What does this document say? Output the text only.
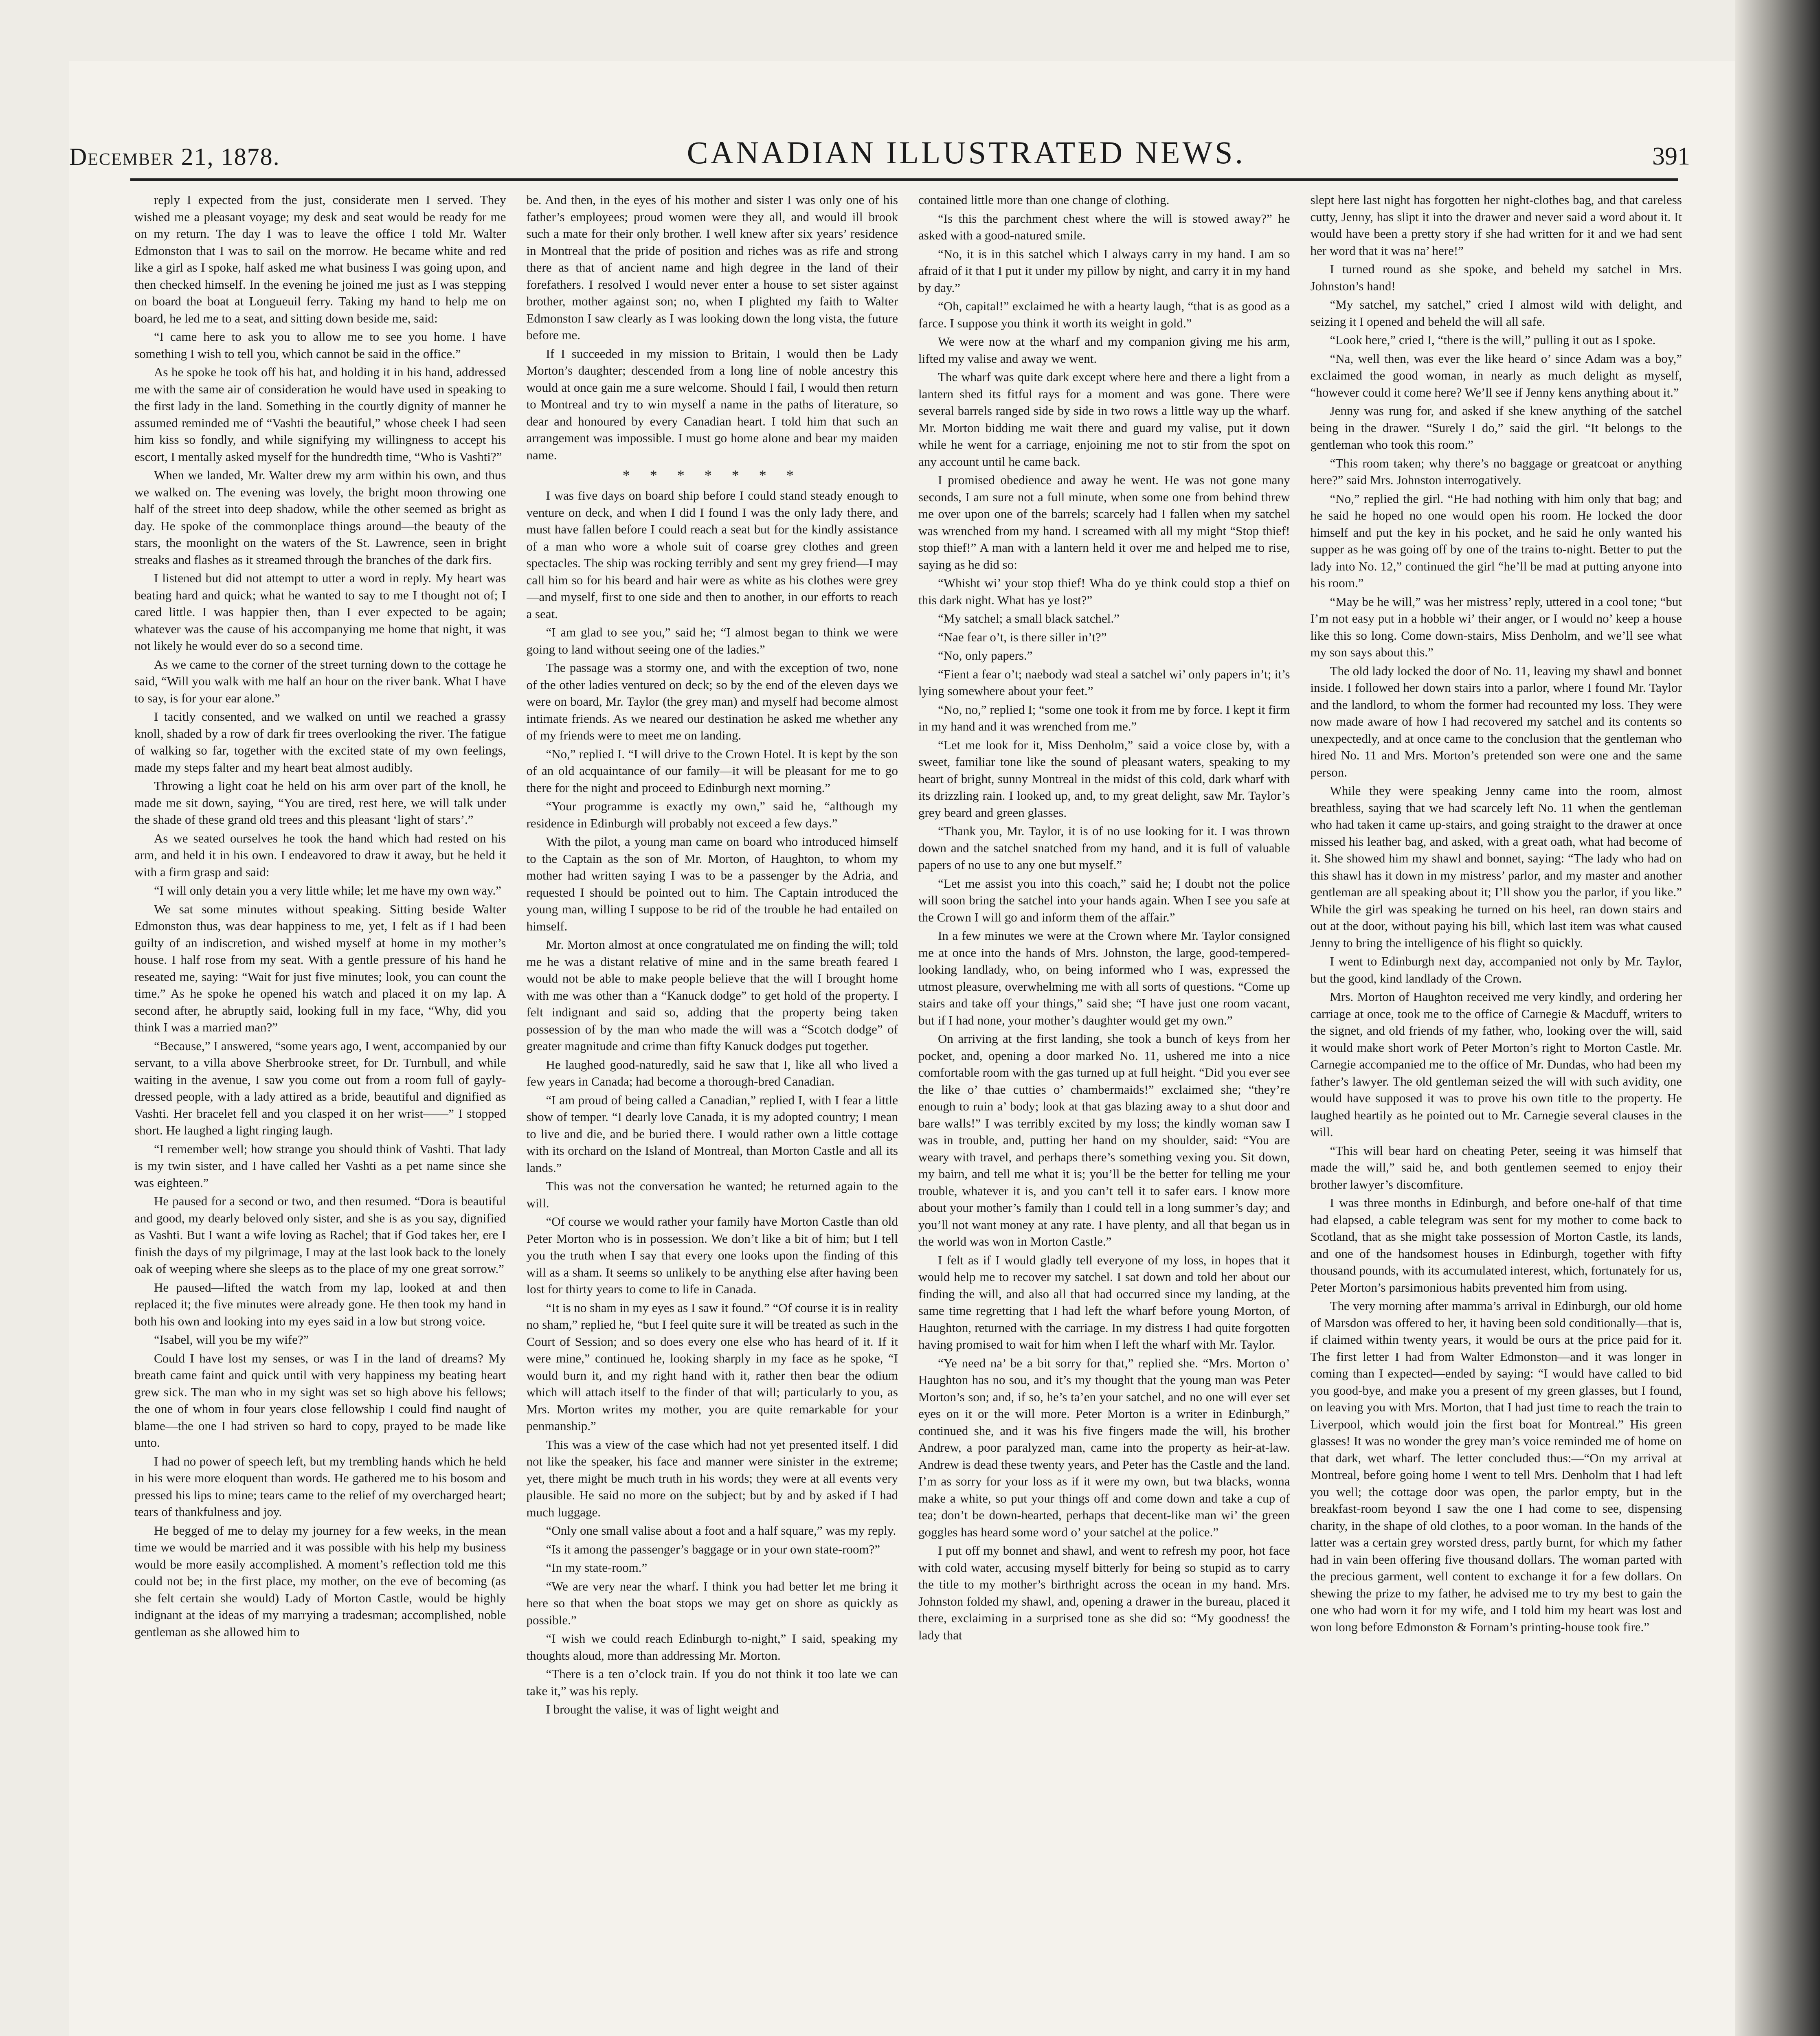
December 21, 1878.	CANADIAN ILLUSTRATED NEWS.	391

reply I expected from the just, considerate men I served. They wished me a pleasant voyage; my desk and seat would be ready for me on my return. The day I was to leave the office I told Mr. Walter Edmonston that I was to sail on the morrow. He became white and red like a girl as I spoke, half asked me what business I was going upon, and then checked himself. In the evening he joined me just as I was stepping on board the boat at Longueuil ferry. Taking my hand to help me on board, he led me to a seat, and sitting down beside me, said:

“I came here to ask you to allow me to see you home. I have something I wish to tell you, which cannot be said in the office.”

As he spoke he took off his hat, and holding it in his hand, addressed me with the same air of consideration he would have used in speaking to the first lady in the land. Something in the courtly dignity of manner he assumed reminded me of “Vashti the beautiful,” whose cheek I had seen him kiss so fondly, and while signifying my willingness to accept his escort, I mentally asked myself for the hundredth time, “Who is Vashti?”

When we landed, Mr. Walter drew my arm within his own, and thus we walked on. The evening was lovely, the bright moon throwing one half of the street into deep shadow, while the other seemed as bright as day. He spoke of the commonplace things around—the beauty of the stars, the moonlight on the waters of the St. Lawrence, seen in bright streaks and flashes as it streamed through the branches of the dark firs.

I listened but did not attempt to utter a word in reply. My heart was beating hard and quick; what he wanted to say to me I thought not of; I cared little. I was happier then, than I ever expected to be again; whatever was the cause of his accompanying me home that night, it was not likely he would ever do so a second time.

As we came to the corner of the street turning down to the cottage he said, “Will you walk with me half an hour on the river bank. What I have to say, is for your ear alone.”

I tacitly consented, and we walked on until we reached a grassy knoll, shaded by a row of dark fir trees overlooking the river. The fatigue of walking so far, together with the excited state of my own feelings, made my steps falter and my heart beat almost audibly.

Throwing a light coat he held on his arm over part of the knoll, he made me sit down, saying, “You are tired, rest here, we will talk under the shade of these grand old trees and this pleasant ‘light of stars’.”

As we seated ourselves he took the hand which had rested on his arm, and held it in his own. I endeavored to draw it away, but he held it with a firm grasp and said:

“I will only detain you a very little while; let me have my own way.”

We sat some minutes without speaking. Sitting beside Walter Edmonston thus, was dear happiness to me, yet, I felt as if I had been guilty of an indiscretion, and wished myself at home in my mother’s house. I half rose from my seat. With a gentle pressure of his hand he reseated me, saying: “Wait for just five minutes; look, you can count the time.” As he spoke he opened his watch and placed it on my lap. A second after, he abruptly said, looking full in my face, “Why, did you think I was a married man?”

“Because,” I answered, “some years ago, I went, accompanied by our servant, to a villa above Sherbrooke street, for Dr. Turnbull, and while waiting in the avenue, I saw you come out from a room full of gayly-dressed people, with a lady attired as a bride, beautiful and dignified as Vashti. Her bracelet fell and you clasped it on her wrist——” I stopped short. He laughed a light ringing laugh.

“I remember well; how strange you should think of Vashti. That lady is my twin sister, and I have called her Vashti as a pet name since she was eighteen.”

He paused for a second or two, and then resumed. “Dora is beautiful and good, my dearly beloved only sister, and she is as you say, dignified as Vashti. But I want a wife loving as Rachel; that if God takes her, ere I finish the days of my pilgrimage, I may at the last look back to the lonely oak of weeping where she sleeps as to the place of my one great sorrow.”

He paused—lifted the watch from my lap, looked at and then replaced it; the five minutes were already gone. He then took my hand in both his own and looking into my eyes said in a low but strong voice.

“Isabel, will you be my wife?”

Could I have lost my senses, or was I in the land of dreams? My breath came faint and quick until with very happiness my beating heart grew sick. The man who in my sight was set so high above his fellows; the one of whom in four years close fellowship I could find naught of blame—the one I had striven so hard to copy, prayed to be made like unto.

I had no power of speech left, but my trembling hands which he held in his were more eloquent than words. He gathered me to his bosom and pressed his lips to mine; tears came to the relief of my overcharged heart; tears of thankfulness and joy.

He begged of me to delay my journey for a few weeks, in the mean time we would be married and it was possible with his help my business would be more easily accomplished. A moment’s reflection told me this could not be; in the first place, my mother, on the eve of becoming (as she felt certain she would) Lady of Morton Castle, would be highly indignant at the ideas of my marrying a tradesman; accomplished, noble gentleman as she allowed him to

be. And then, in the eyes of his mother and sister I was only one of his father’s employees; proud women were they all, and would ill brook such a mate for their only brother. I well knew after six years’ residence in Montreal that the pride of position and riches was as rife and strong there as that of ancient name and high degree in the land of their forefathers. I resolved I would never enter a house to set sister against brother, mother against son; no, when I plighted my faith to Walter Edmonston I saw clearly as I was looking down the long vista, the future before me.

If I succeeded in my mission to Britain, I would then be Lady Morton’s daughter; descended from a long line of noble ancestry this would at once gain me a sure welcome. Should I fail, I would then return to Montreal and try to win myself a name in the paths of literature, so dear and honoured by every Canadian heart. I told him that such an arrangement was impossible. I must go home alone and bear my maiden name.

* * * * * * *

I was five days on board ship before I could stand steady enough to venture on deck, and when I did I found I was the only lady there, and must have fallen before I could reach a seat but for the kindly assistance of a man who wore a whole suit of coarse grey clothes and green spectacles. The ship was rocking terribly and sent my grey friend—I may call him so for his beard and hair were as white as his clothes were grey—and myself, first to one side and then to another, in our efforts to reach a seat.

“I am glad to see you,” said he; “I almost began to think we were going to land without seeing one of the ladies.”

The passage was a stormy one, and with the exception of two, none of the other ladies ventured on deck; so by the end of the eleven days we were on board, Mr. Taylor (the grey man) and myself had become almost intimate friends. As we neared our destination he asked me whether any of my friends were to meet me on landing.

“No,” replied I. “I will drive to the Crown Hotel. It is kept by the son of an old acquaintance of our family—it will be pleasant for me to go there for the night and proceed to Edinburgh next morning.”

“Your programme is exactly my own,” said he, “although my residence in Edinburgh will probably not exceed a few days.”

With the pilot, a young man came on board who introduced himself to the Captain as the son of Mr. Morton, of Haughton, to whom my mother had written saying I was to be a passenger by the Adria, and requested I should be pointed out to him. The Captain introduced the young man, willing I suppose to be rid of the trouble he had entailed on himself.

Mr. Morton almost at once congratulated me on finding the will; told me he was a distant relative of mine and in the same breath feared I would not be able to make people believe that the will I brought home with me was other than a “Kanuck dodge” to get hold of the property. I felt indignant and said so, adding that the property being taken possession of by the man who made the will was a “Scotch dodge” of greater magnitude and crime than fifty Kanuck dodges put together.

He laughed good-naturedly, said he saw that I, like all who lived a few years in Canada; had become a thorough-bred Canadian.

“I am proud of being called a Canadian,” replied I, with I fear a little show of temper. “I dearly love Canada, it is my adopted country; I mean to live and die, and be buried there. I would rather own a little cottage with its orchard on the Island of Montreal, than Morton Castle and all its lands.”

This was not the conversation he wanted; he returned again to the will.

“Of course we would rather your family have Morton Castle than old Peter Morton who is in possession. We don’t like a bit of him; but I tell you the truth when I say that every one looks upon the finding of this will as a sham. It seems so unlikely to be anything else after having been lost for thirty years to come to life in Canada.

“It is no sham in my eyes as I saw it found.” “Of course it is in reality no sham,” replied he, “but I feel quite sure it will be treated as such in the Court of Session; and so does every one else who has heard of it. If it were mine,” continued he, looking sharply in my face as he spoke, “I would burn it, and my right hand with it, rather then bear the odium which will attach itself to the finder of that will; particularly to you, as Mrs. Morton writes my mother, you are quite remarkable for your penmanship.”

This was a view of the case which had not yet presented itself. I did not like the speaker, his face and manner were sinister in the extreme; yet, there might be much truth in his words; they were at all events very plausible. He said no more on the subject; but by and by asked if I had much luggage.

“Only one small valise about a foot and a half square,” was my reply.

“Is it among the passenger’s baggage or in your own state-room?”

“In my state-room.”

“We are very near the wharf. I think you had better let me bring it here so that when the boat stops we may get on shore as quickly as possible.”

“I wish we could reach Edinburgh to-night,” I said, speaking my thoughts aloud, more than addressing Mr. Morton.

“There is a ten o’clock train. If you do not think it too late we can take it,” was his reply.

I brought the valise, it was of light weight and

contained little more than one change of clothing.

“Is this the parchment chest where the will is stowed away?” he asked with a good-natured smile.

“No, it is in this satchel which I always carry in my hand. I am so afraid of it that I put it under my pillow by night, and carry it in my hand by day.”

“Oh, capital!” exclaimed he with a hearty laugh, “that is as good as a farce. I suppose you think it worth its weight in gold.”

We were now at the wharf and my companion giving me his arm, lifted my valise and away we went.

The wharf was quite dark except where here and there a light from a lantern shed its fitful rays for a moment and was gone. There were several barrels ranged side by side in two rows a little way up the wharf. Mr. Morton bidding me wait there and guard my valise, put it down while he went for a carriage, enjoining me not to stir from the spot on any account until he came back.

I promised obedience and away he went. He was not gone many seconds, I am sure not a full minute, when some one from behind threw me over upon one of the barrels; scarcely had I fallen when my satchel was wrenched from my hand. I screamed with all my might “Stop thief! stop thief!” A man with a lantern held it over me and helped me to rise, saying as he did so:

“Whisht wi’ your stop thief! Wha do ye think could stop a thief on this dark night. What has ye lost?”

“My satchel; a small black satchel.”

“Nae fear o’t, is there siller in’t?”

“No, only papers.”

“Fient a fear o’t; naebody wad steal a satchel wi’ only papers in’t; it’s lying somewhere about your feet.”

“No, no,” replied I; “some one took it from me by force. I kept it firm in my hand and it was wrenched from me.”

“Let me look for it, Miss Denholm,” said a voice close by, with a sweet, familiar tone like the sound of pleasant waters, speaking to my heart of bright, sunny Montreal in the midst of this cold, dark wharf with its drizzling rain. I looked up, and, to my great delight, saw Mr. Taylor’s grey beard and green glasses.

“Thank you, Mr. Taylor, it is of no use looking for it. I was thrown down and the satchel snatched from my hand, and it is full of valuable papers of no use to any one but myself.”

“Let me assist you into this coach,” said he; I doubt not the police will soon bring the satchel into your hands again. When I see you safe at the Crown I will go and inform them of the affair.”

In a few minutes we were at the Crown where Mr. Taylor consigned me at once into the hands of Mrs. Johnston, the large, good-tempered-looking landlady, who, on being informed who I was, expressed the utmost pleasure, overwhelming me with all sorts of questions. “Come up stairs and take off your things,” said she; “I have just one room vacant, but if I had none, your mother’s daughter would get my own.”

On arriving at the first landing, she took a bunch of keys from her pocket, and, opening a door marked No. 11, ushered me into a nice comfortable room with the gas turned up at full height. “Did you ever see the like o’ thae cutties o’ chambermaids!” exclaimed she; “they’re enough to ruin a’ body; look at that gas blazing away to a shut door and bare walls!” I was terribly excited by my loss; the kindly woman saw I was in trouble, and, putting her hand on my shoulder, said: “You are weary with travel, and perhaps there’s something vexing you. Sit down, my bairn, and tell me what it is; you’ll be the better for telling me your trouble, whatever it is, and you can’t tell it to safer ears. I know more about your mother’s family than I could tell in a long summer’s day; and you’ll not want money at any rate. I have plenty, and all that began us in the world was won in Morton Castle.”

I felt as if I would gladly tell everyone of my loss, in hopes that it would help me to recover my satchel. I sat down and told her about our finding the will, and also all that had occurred since my landing, at the same time regretting that I had left the wharf before young Morton, of Haughton, returned with the carriage. In my distress I had quite forgotten having promised to wait for him when I left the wharf with Mr. Taylor.

“Ye need na’ be a bit sorry for that,” replied she. “Mrs. Morton o’ Haughton has no sou, and it’s my thought that the young man was Peter Morton’s son; and, if so, he’s ta’en your satchel, and no one will ever set eyes on it or the will more. Peter Morton is a writer in Edinburgh,” continued she, and it was his five fingers made the will, his brother Andrew, a poor paralyzed man, came into the property as heir-at-law. Andrew is dead these twenty years, and Peter has the Castle and the land. I’m as sorry for your loss as if it were my own, but twa blacks, wonna make a white, so put your things off and come down and take a cup of tea; don’t be down-hearted, perhaps that decent-like man wi’ the green goggles has heard some word o’ your satchel at the police.”

I put off my bonnet and shawl, and went to refresh my poor, hot face with cold water, accusing myself bitterly for being so stupid as to carry the title to my mother’s birthright across the ocean in my hand. Mrs. Johnston folded my shawl, and, opening a drawer in the bureau, placed it there, exclaiming in a surprised tone as she did so: “My goodness! the lady that

slept here last night has forgotten her night-clothes bag, and that careless cutty, Jenny, has slipt it into the drawer and never said a word about it. It would have been a pretty story if she had written for it and we had sent her word that it was na’ here!”

I turned round as she spoke, and beheld my satchel in Mrs. Johnston’s hand!

“My satchel, my satchel,” cried I almost wild with delight, and seizing it I opened and beheld the will all safe.

“Look here,” cried I, “there is the will,” pulling it out as I spoke.

“Na, well then, was ever the like heard o’ since Adam was a boy,” exclaimed the good woman, in nearly as much delight as myself, “however could it come here? We’ll see if Jenny kens anything about it.”

Jenny was rung for, and asked if she knew anything of the satchel being in the drawer. “Surely I do,” said the girl. “It belongs to the gentleman who took this room.”

“This room taken; why there’s no baggage or greatcoat or anything here?” said Mrs. Johnston interrogatively.

“No,” replied the girl. “He had nothing with him only that bag; and he said he hoped no one would open his room. He locked the door himself and put the key in his pocket, and he said he only wanted his supper as he was going off by one of the trains to-night. Better to put the lady into No. 12,” continued the girl “he’ll be mad at putting anyone into his room.”

“May be he will,” was her mistress’ reply, uttered in a cool tone; “but I’m not easy put in a hobble wi’ their anger, or I would no’ keep a house like this so long. Come down-stairs, Miss Denholm, and we’ll see what my son says about this.”

The old lady locked the door of No. 11, leaving my shawl and bonnet inside. I followed her down stairs into a parlor, where I found Mr. Taylor and the landlord, to whom the former had recounted my loss. They were now made aware of how I had recovered my satchel and its contents so unexpectedly, and at once came to the conclusion that the gentleman who hired No. 11 and Mrs. Morton’s pretended son were one and the same person.

While they were speaking Jenny came into the room, almost breathless, saying that we had scarcely left No. 11 when the gentleman who had taken it came up-stairs, and going straight to the drawer at once missed his leather bag, and asked, with a great oath, what had become of it. She showed him my shawl and bonnet, saying: “The lady who had on this shawl has it down in my mistress’ parlor, and my master and another gentleman are all speaking about it; I’ll show you the parlor, if you like.” While the girl was speaking he turned on his heel, ran down stairs and out at the door, without paying his bill, which last item was what caused Jenny to bring the intelligence of his flight so quickly.

I went to Edinburgh next day, accompanied not only by Mr. Taylor, but the good, kind landlady of the Crown.

Mrs. Morton of Haughton received me very kindly, and ordering her carriage at once, took me to the office of Carnegie & Macduff, writers to the signet, and old friends of my father, who, looking over the will, said it would make short work of Peter Morton’s right to Morton Castle. Mr. Carnegie accompanied me to the office of Mr. Dundas, who had been my father’s lawyer. The old gentleman seized the will with such avidity, one would have supposed it was to prove his own title to the property. He laughed heartily as he pointed out to Mr. Carnegie several clauses in the will.

“This will bear hard on cheating Peter, seeing it was himself that made the will,” said he, and both gentlemen seemed to enjoy their brother lawyer’s discomfiture.

I was three months in Edinburgh, and before one-half of that time had elapsed, a cable telegram was sent for my mother to come back to Scotland, that as she might take possession of Morton Castle, its lands, and one of the handsomest houses in Edinburgh, together with fifty thousand pounds, with its accumulated interest, which, fortunately for us, Peter Morton’s parsimonious habits prevented him from using.

The very morning after mamma’s arrival in Edinburgh, our old home of Marsdon was offered to her, it having been sold conditionally—that is, if claimed within twenty years, it would be ours at the price paid for it. The first letter I had from Walter Edmonston—and it was longer in coming than I expected—ended by saying: “I would have called to bid you good-bye, and make you a present of my green glasses, but I found, on leaving you with Mrs. Morton, that I had just time to reach the train to Liverpool, which would join the first boat for Montreal.” His green glasses! It was no wonder the grey man’s voice reminded me of home on that dark, wet wharf. The letter concluded thus:—“On my arrival at Montreal, before going home I went to tell Mrs. Denholm that I had left you well; the cottage door was open, the parlor empty, but in the breakfast-room beyond I saw the one I had come to see, dispensing charity, in the shape of old clothes, to a poor woman. In the hands of the latter was a certain grey worsted dress, partly burnt, for which my father had in vain been offering five thousand dollars. The woman parted with the precious garment, well content to exchange it for a few dollars. On shewing the prize to my father, he advised me to try my best to gain the one who had worn it for my wife, and I told him my heart was lost and won long before Edmonston & Fornam’s printing-house took fire.”
